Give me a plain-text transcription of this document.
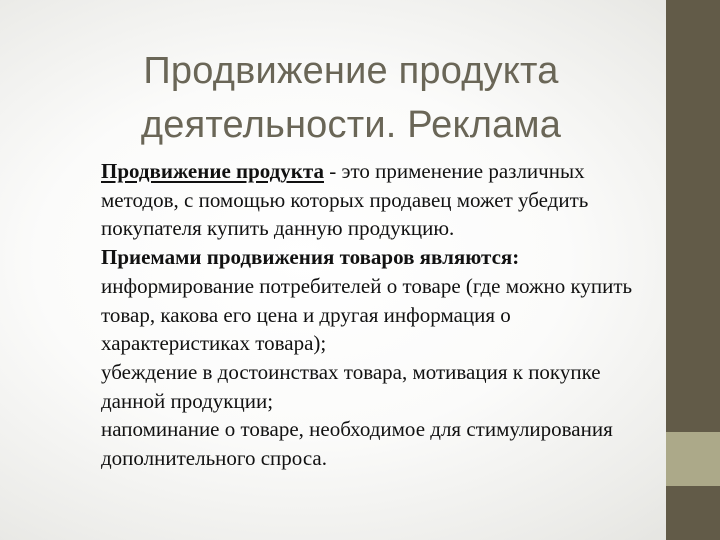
Продвижение продукта
деятельности. Реклама

Продвижение продукта - это применение различных методов, с помощью которых продавец может убедить покупателя купить данную продукцию.

Приемами продвижения товаров являются:

информирование потребителей о товаре (где можно купить товар, какова его цена и другая информация о характеристиках товара);

убеждение в достоинствах товара, мотивация к покупке данной продукции;

напоминание о товаре, необходимое для стимулирования дополнительного спроса.
